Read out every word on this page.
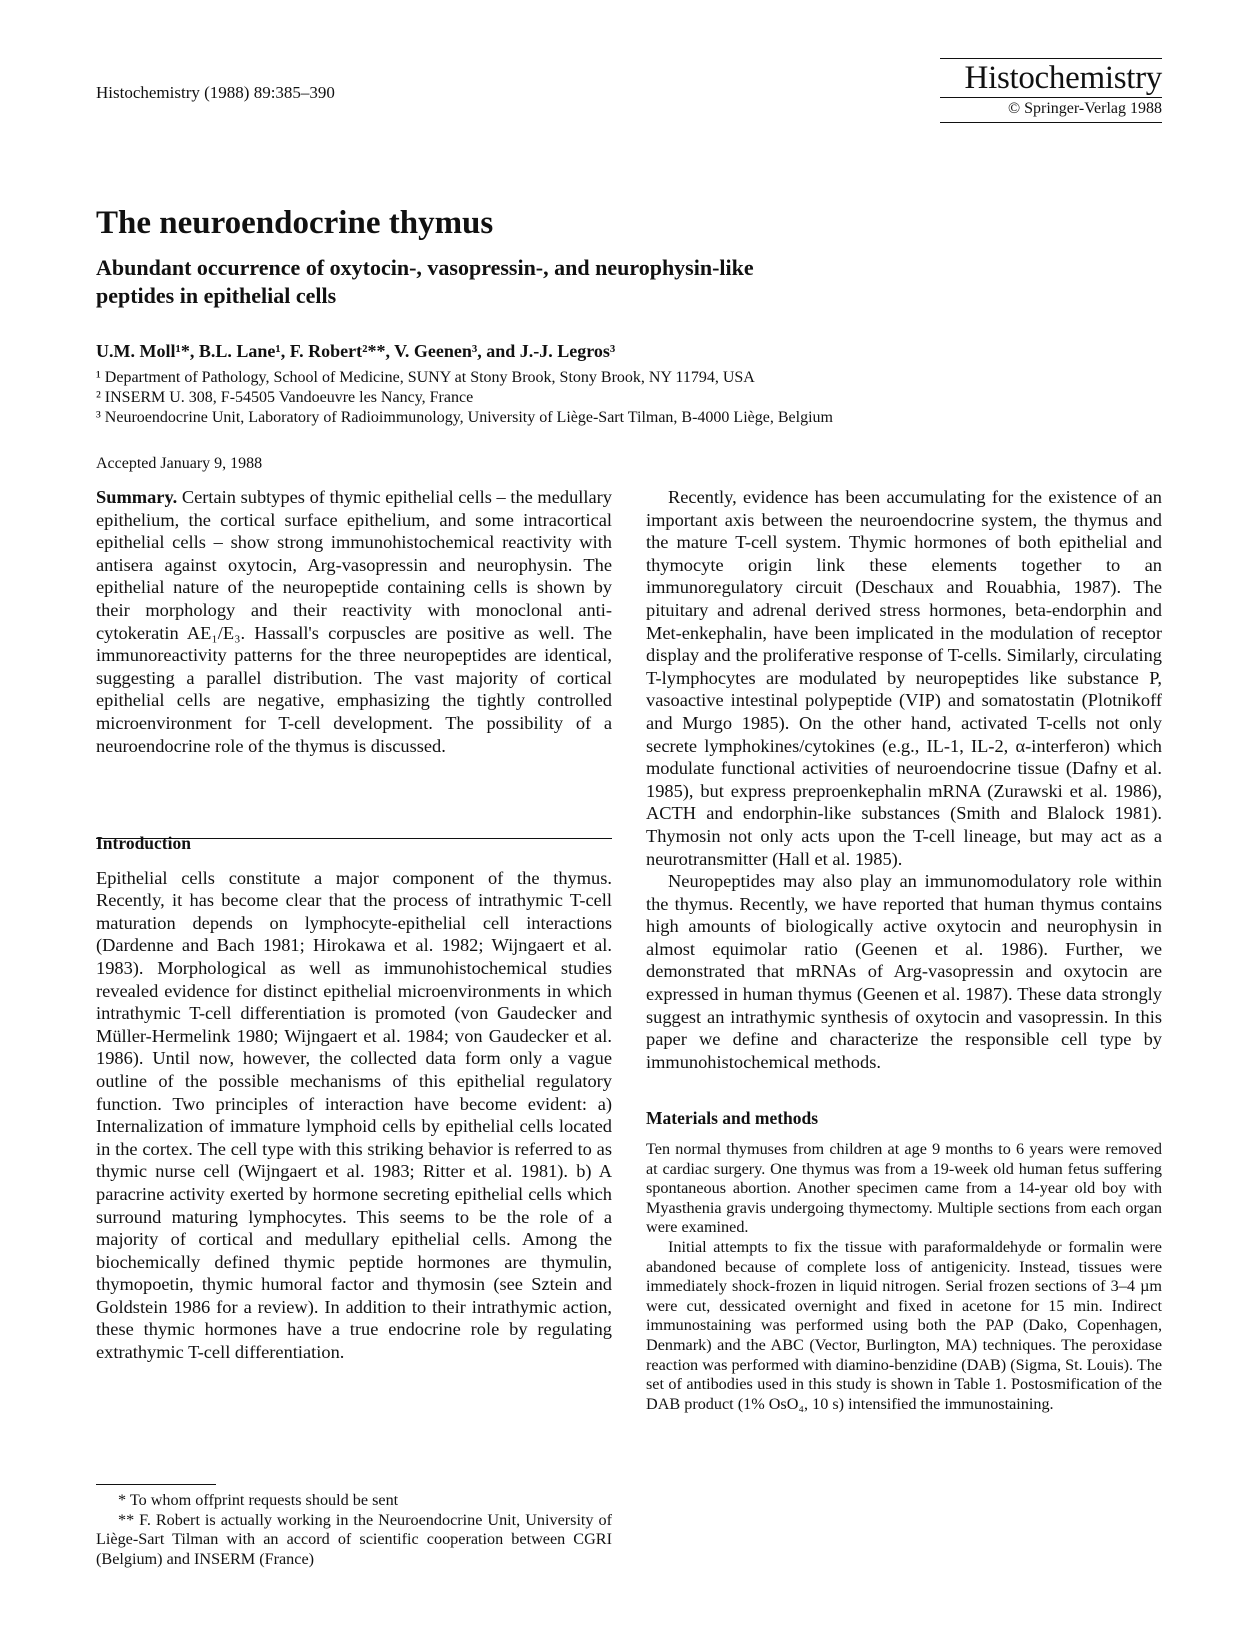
Histochemistry (1988) 89:385–390	Histochemistry
© Springer-Verlag 1988
The neuroendocrine thymus
Abundant occurrence of oxytocin-, vasopressin-, and neurophysin-like peptides in epithelial cells
U.M. Moll¹*, B.L. Lane¹, F. Robert²**, V. Geenen³, and J.-J. Legros³
¹ Department of Pathology, School of Medicine, SUNY at Stony Brook, Stony Brook, NY 11794, USA
² INSERM U. 308, F-54505 Vandoeuvre les Nancy, France
³ Neuroendocrine Unit, Laboratory of Radioimmunology, University of Liège-Sart Tilman, B-4000 Liège, Belgium
Accepted January 9, 1988

Summary. Certain subtypes of thymic epithelial cells – the medullary epithelium, the cortical surface epithelium, and some intracortical epithelial cells – show strong immunohistochemical reactivity with antisera against oxytocin, Arg-vasopressin and neurophysin. The epithelial nature of the neuropeptide containing cells is shown by their morphology and their reactivity with monoclonal anti-cytokeratin AE₁/E₃. Hassall's corpuscles are positive as well. The immunoreactivity patterns for the three neuropeptides are identical, suggesting a parallel distribution. The vast majority of cortical epithelial cells are negative, emphasizing the tightly controlled microenvironment for T-cell development. The possibility of a neuroendocrine role of the thymus is discussed.

Introduction

Epithelial cells constitute a major component of the thymus. Recently, it has become clear that the process of intrathymic T-cell maturation depends on lymphocyte-epithelial cell interactions (Dardenne and Bach 1981; Hirokawa et al. 1982; Wijngaert et al. 1983). Morphological as well as immunohistochemical studies revealed evidence for distinct epithelial microenvironments in which intrathymic T-cell differentiation is promoted (von Gaudecker and Müller-Hermelink 1980; Wijngaert et al. 1984; von Gaudecker et al. 1986). Until now, however, the collected data form only a vague outline of the possible mechanisms of this epithelial regulatory function. Two principles of interaction have become evident: a) Internalization of immature lymphoid cells by epithelial cells located in the cortex. The cell type with this striking behavior is referred to as thymic nurse cell (Wijngaert et al. 1983; Ritter et al. 1981). b) A paracrine activity exerted by hormone secreting epithelial cells which surround maturing lymphocytes. This seems to be the role of a majority of cortical and medullary epithelial cells. Among the biochemically defined thymic peptide hormones are thymulin, thymopoetin, thymic humoral factor and thymosin (see Sztein and Goldstein 1986 for a review). In addition to their intrathymic action, these thymic hormones have a true endocrine role by regulating extrathymic T-cell differentiation.

* To whom offprint requests should be sent

** F. Robert is actually working in the Neuroendocrine Unit, University of Liège-Sart Tilman with an accord of scientific cooperation between CGRI (Belgium) and INSERM (France)

Recently, evidence has been accumulating for the existence of an important axis between the neuroendocrine system, the thymus and the mature T-cell system. Thymic hormones of both epithelial and thymocyte origin link these elements together to an immunoregulatory circuit (Deschaux and Rouabhia, 1987). The pituitary and adrenal derived stress hormones, beta-endorphin and Met-enkephalin, have been implicated in the modulation of receptor display and the proliferative response of T-cells. Similarly, circulating T-lymphocytes are modulated by neuropeptides like substance P, vasoactive intestinal polypeptide (VIP) and somatostatin (Plotnikoff and Murgo 1985). On the other hand, activated T-cells not only secrete lymphokines/cytokines (e.g., IL-1, IL-2, α-interferon) which modulate functional activities of neuroendocrine tissue (Dafny et al. 1985), but express preproenkephalin mRNA (Zurawski et al. 1986), ACTH and endorphin-like substances (Smith and Blalock 1981). Thymosin not only acts upon the T-cell lineage, but may act as a neurotransmitter (Hall et al. 1985).

Neuropeptides may also play an immunomodulatory role within the thymus. Recently, we have reported that human thymus contains high amounts of biologically active oxytocin and neurophysin in almost equimolar ratio (Geenen et al. 1986). Further, we demonstrated that mRNAs of Arg-vasopressin and oxytocin are expressed in human thymus (Geenen et al. 1987). These data strongly suggest an intrathymic synthesis of oxytocin and vasopressin. In this paper we define and characterize the responsible cell type by immunohistochemical methods.

Materials and methods

Ten normal thymuses from children at age 9 months to 6 years were removed at cardiac surgery. One thymus was from a 19-week old human fetus suffering spontaneous abortion. Another specimen came from a 14-year old boy with Myasthenia gravis undergoing thymectomy. Multiple sections from each organ were examined.

Initial attempts to fix the tissue with paraformaldehyde or formalin were abandoned because of complete loss of antigenicity. Instead, tissues were immediately shock-frozen in liquid nitrogen. Serial frozen sections of 3–4 µm were cut, dessicated overnight and fixed in acetone for 15 min. Indirect immunostaining was performed using both the PAP (Dako, Copenhagen, Denmark) and the ABC (Vector, Burlington, MA) techniques. The peroxidase reaction was performed with diamino-benzidine (DAB) (Sigma, St. Louis). The set of antibodies used in this study is shown in Table 1. Postosmification of the DAB product (1% OsO₄, 10 s) intensified the immunostaining.
